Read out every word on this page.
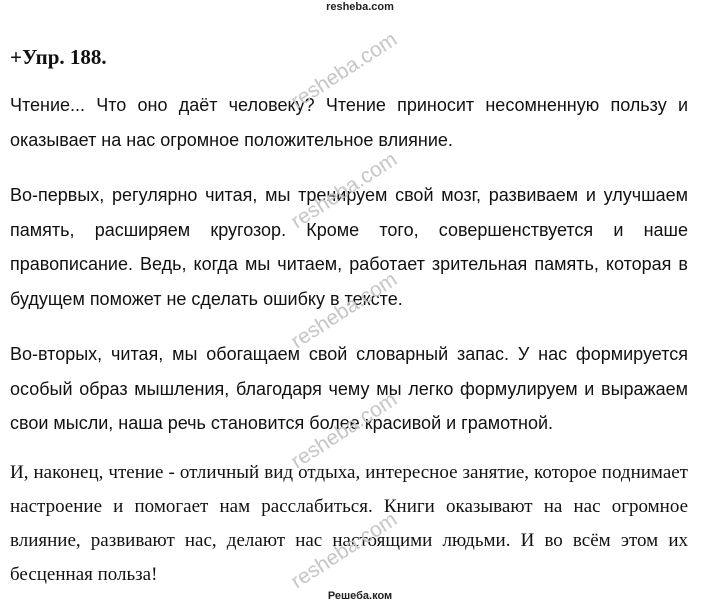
resheba.com
+Упр. 188.

Чтение... Что оно даёт человеку? Чтение приносит несомненную пользу и оказывает на нас огромное положительное влияние.

Во-первых, регулярно читая, мы тренируем свой мозг, развиваем и улучшаем память, расширяем кругозор. Кроме того, совершенствуется и наше правописание. Ведь, когда мы читаем, работает зрительная память, которая в будущем поможет не сделать ошибку в тексте.

Во-вторых, читая, мы обогащаем свой словарный запас. У нас формируется особый образ мышления, благодаря чему мы легко формулируем и выражаем свои мысли, наша речь становится более красивой и грамотной.

И, наконец, чтение - отличный вид отдыха, интересное занятие, которое поднимает настроение и помогает нам расслабиться. Книги оказывают на нас огромное влияние, развивают нас, делают нас настоящими людьми. И во всём этом их бесценная польза!

resheba.com
resheba.com
resheba.com
resheba.com
resheba.com
Решеба.ком
